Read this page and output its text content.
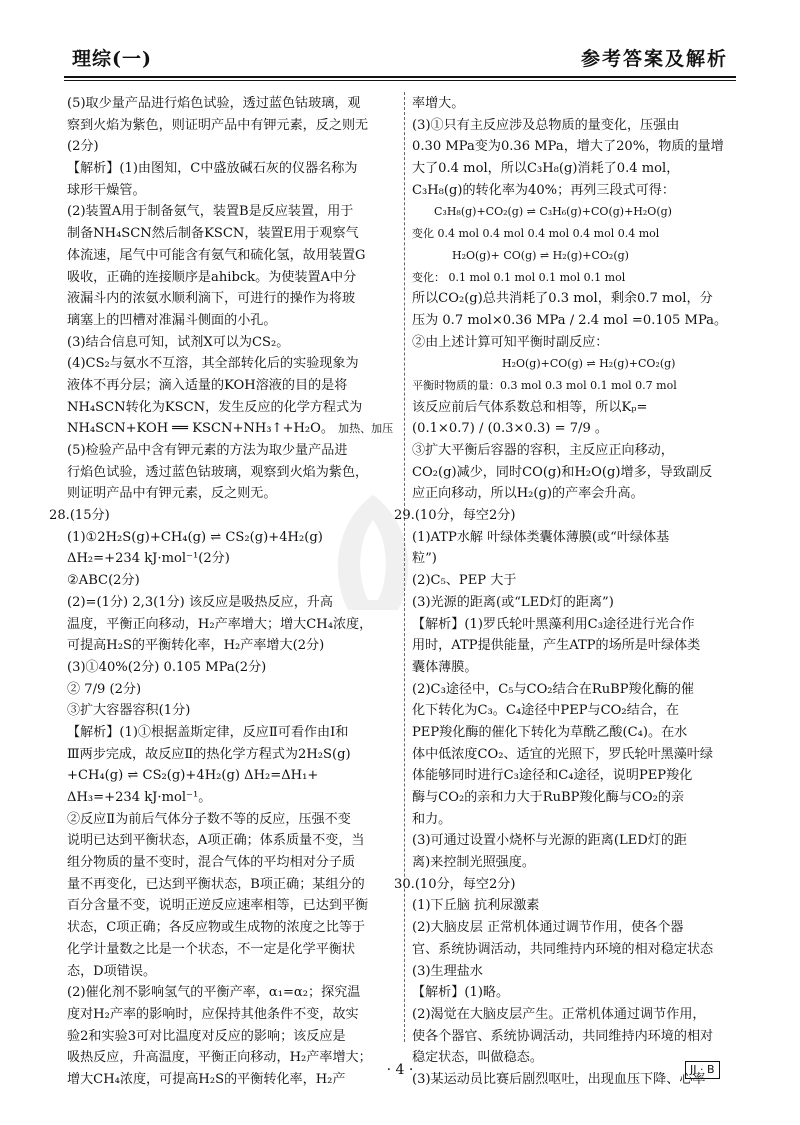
理综(一)	参考答案及解析
(5)取少量产品进行焰色试验，透过蓝色钴玻璃，观
察到火焰为紫色，则证明产品中有钾元素，反之则无
(2分)
【解析】(1)由图知，C中盛放碱石灰的仪器名称为
球形干燥管。
(2)装置A用于制备氨气，装置B是反应装置，用于
制备NH₄SCN然后制备KSCN，装置E用于观察气
体流速，尾气中可能含有氨气和硫化氢，故用装置G
吸收，正确的连接顺序是ahibck。为使装置A中分
液漏斗内的浓氨水顺利滴下，可进行的操作为将玻
璃塞上的凹槽对准漏斗侧面的小孔。
(3)结合信息可知，试剂X可以为CS₂。
(4)CS₂与氨水不互溶，其全部转化后的实验现象为
液体不再分层；滴入适量的KOH溶液的目的是将
NH₄SCN转化为KSCN，发生反应的化学方程式为
NH₄SCN+KOH ══ KSCN+NH₃↑+H₂O。 加热、加压
(5)检验产品中含有钾元素的方法为取少量产品进
行焰色试验，透过蓝色钴玻璃，观察到火焰为紫色，
则证明产品中有钾元素，反之则无。
28.(15分)
(1)①2H₂S(g)+CH₄(g) ⇌ CS₂(g)+4H₂(g)
ΔH₂=+234 kJ·mol⁻¹(2分)
②ABC(2分)
(2)=(1分) 2,3(1分) 该反应是吸热反应，升高
温度，平衡正向移动，H₂产率增大；增大CH₄浓度，
可提高H₂S的平衡转化率，H₂产率增大(2分)
(3)①40%(2分) 0.105 MPa(2分)
② 7/9 (2分)
③扩大容器容积(1分)
【解析】(1)①根据盖斯定律，反应Ⅱ可看作由Ⅰ和
Ⅲ两步完成，故反应Ⅱ的热化学方程式为2H₂S(g)
+CH₄(g) ⇌ CS₂(g)+4H₂(g) ΔH₂=ΔH₁+
ΔH₃=+234 kJ·mol⁻¹。
②反应Ⅱ为前后气体分子数不等的反应，压强不变
说明已达到平衡状态，A项正确；体系质量不变，当
组分物质的量不变时，混合气体的平均相对分子质
量不再变化，已达到平衡状态，B项正确；某组分的
百分含量不变，说明正逆反应速率相等，已达到平衡
状态，C项正确；各反应物或生成物的浓度之比等于
化学计量数之比是一个状态，不一定是化学平衡状
态，D项错误。
(2)催化剂不影响氢气的平衡产率，α₁=α₂；探究温
度对H₂产率的影响时，应保持其他条件不变，故实
验2和实验3可对比温度对反应的影响；该反应是
吸热反应，升高温度，平衡正向移动，H₂产率增大；
增大CH₄浓度，可提高H₂S的平衡转化率，H₂产
率增大。
(3)①只有主反应涉及总物质的量变化，压强由
0.30 MPa变为0.36 MPa，增大了20%，物质的量增
大了0.4 mol，所以C₃H₈(g)消耗了0.4 mol，
C₃H₈(g)的转化率为40%；再列三段式可得：
C₃H₈(g)+CO₂(g) ⇌ C₃H₆(g)+CO(g)+H₂O(g)
变化 0.4 mol 0.4 mol 0.4 mol 0.4 mol 0.4 mol
H₂O(g)+ CO(g) ⇌ H₂(g)+CO₂(g)
变化： 0.1 mol 0.1 mol 0.1 mol 0.1 mol
所以CO₂(g)总共消耗了0.3 mol，剩余0.7 mol，分
压为 0.7 mol×0.36 MPa / 2.4 mol =0.105 MPa。
②由上述计算可知平衡时副反应：
H₂O(g)+CO(g) ⇌ H₂(g)+CO₂(g)
平衡时物质的量：0.3 mol 0.3 mol 0.1 mol 0.7 mol
该反应前后气体系数总和相等，所以Kₚ=
(0.1×0.7) / (0.3×0.3) = 7/9 。
③扩大平衡后容器的容积，主反应正向移动，
CO₂(g)减少，同时CO(g)和H₂O(g)增多，导致副反
应正向移动，所以H₂(g)的产率会升高。
29.(10分，每空2分)
(1)ATP水解 叶绿体类囊体薄膜(或“叶绿体基
粒”)
(2)C₅、PEP 大于
(3)光源的距离(或“LED灯的距离”)
【解析】(1)罗氏轮叶黑藻利用C₃途径进行光合作
用时，ATP提供能量，产生ATP的场所是叶绿体类
囊体薄膜。
(2)C₃途径中，C₅与CO₂结合在RuBP羧化酶的催
化下转化为C₃。C₄途径中PEP与CO₂结合，在
PEP羧化酶的催化下转化为草酰乙酸(C₄)。在水
体中低浓度CO₂、适宜的光照下，罗氏轮叶黑藻叶绿
体能够同时进行C₃途径和C₄途径，说明PEP羧化
酶与CO₂的亲和力大于RuBP羧化酶与CO₂的亲
和力。
(3)可通过设置小烧杯与光源的距离(LED灯的距
离)来控制光照强度。
30.(10分，每空2分)
(1)下丘脑 抗利尿激素
(2)大脑皮层 正常机体通过调节作用，使各个器
官、系统协调活动，共同维持内环境的相对稳定状态
(3)生理盐水
【解析】(1)略。
(2)渴觉在大脑皮层产生。正常机体通过调节作用，
使各个器官、系统协调活动，共同维持内环境的相对
稳定状态，叫做稳态。
(3)某运动员比赛后剧烈呕吐，出现血压下降、心率
· 4 ·	JJ · B
